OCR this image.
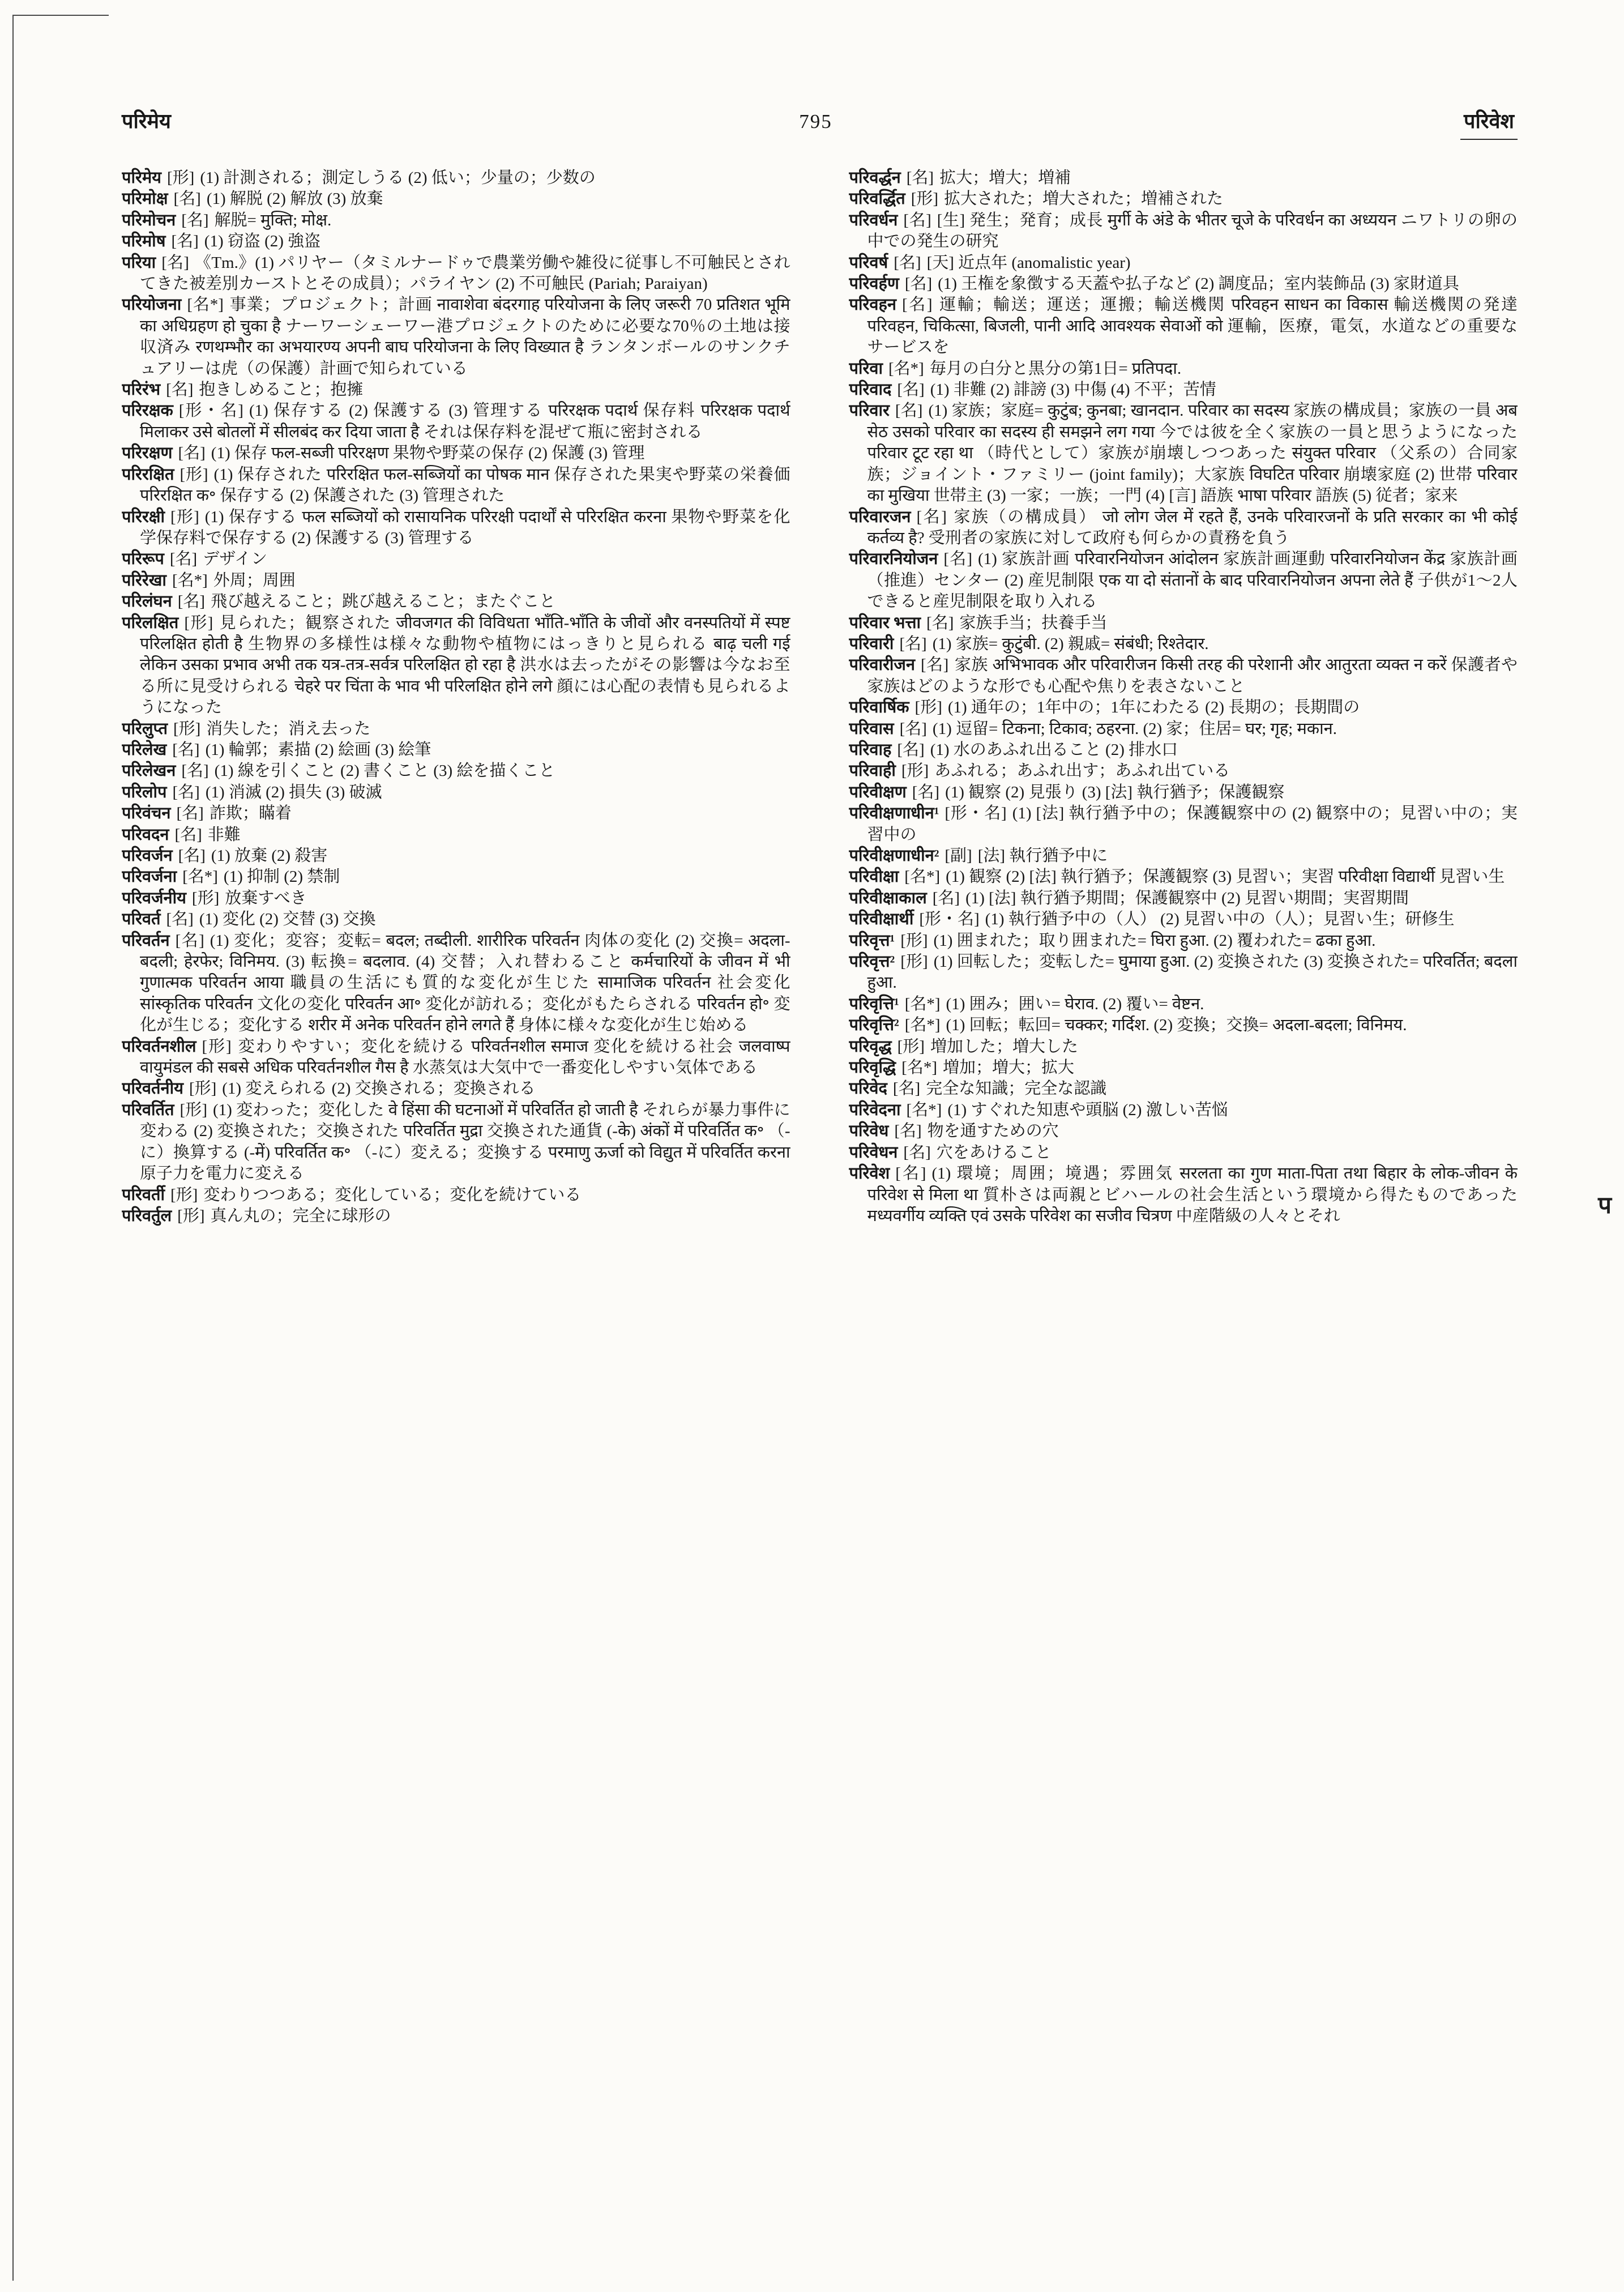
परिमेय	795	परिवेश

परिमेय [形] (1) 計測される；測定しうる (2) 低い；少量の；少数の

परिमोक्ष [名] (1) 解脱 (2) 解放 (3) 放棄

परिमोचन [名] 解脱= मुक्ति; मोक्ष.

परिमोष [名] (1) 窃盗 (2) 強盗

परिया [名] 《Tm.》(1) パリヤー（タミルナードゥで農業労働や雑役に従事し不可触民とされてきた被差別カーストとその成員）；パライヤン (2) 不可触民 (Pariah; Paraiyan)

परियोजना [名*] 事業；プロジェクト；計画 नावाशेवा बंदरगाह परियोजना के लिए जरूरी 70 प्रतिशत भूमि का अधिग्रहण हो चुका है ナーワーシェーワー港プロジェクトのために必要な70％の土地は接収済み रणथम्भौर का अभयारण्य अपनी बाघ परियोजना के लिए विख्यात है ランタンボールのサンクチュアリーは虎（の保護）計画で知られている

परिरंभ [名] 抱きしめること；抱擁

परिरक्षक [形・名] (1) 保存する (2) 保護する (3) 管理する परिरक्षक पदार्थ 保存料 परिरक्षक पदार्थ मिलाकर उसे बोतलों में सीलबंद कर दिया जाता है それは保存料を混ぜて瓶に密封される

परिरक्षण [名] (1) 保存 फल-सब्जी परिरक्षण 果物や野菜の保存 (2) 保護 (3) 管理

परिरक्षित [形] (1) 保存された परिरक्षित फल-सब्जियों का पोषक मान 保存された果実や野菜の栄養価 परिरक्षित क॰ 保存する (2) 保護された (3) 管理された

परिरक्षी [形] (1) 保存する फल सब्जियों को रासायनिक परिरक्षी पदार्थों से परिरक्षित करना 果物や野菜を化学保存料で保存する (2) 保護する (3) 管理する

परिरूप [名] デザイン

परिरेखा [名*] 外周；周囲

परिलंघन [名] 飛び越えること；跳び越えること；またぐこと

परिलक्षित [形] 見られた；観察された जीवजगत की विविधता भाँति-भाँति के जीवों और वनस्पतियों में स्पष्ट परिलक्षित होती है 生物界の多様性は様々な動物や植物にはっきりと見られる बाढ़ चली गई लेकिन उसका प्रभाव अभी तक यत्र-तत्र-सर्वत्र परिलक्षित हो रहा है 洪水は去ったがその影響は今なお至る所に見受けられる चेहरे पर चिंता के भाव भी परिलक्षित होने लगे 顔には心配の表情も見られるようになった

परिलुप्त [形] 消失した；消え去った

परिलेख [名] (1) 輪郭；素描 (2) 絵画 (3) 絵筆

परिलेखन [名] (1) 線を引くこと (2) 書くこと (3) 絵を描くこと

परिलोप [名] (1) 消滅 (2) 損失 (3) 破滅

परिवंचन [名] 詐欺；瞞着

परिवदन [名] 非難

परिवर्जन [名] (1) 放棄 (2) 殺害

परिवर्जना [名*] (1) 抑制 (2) 禁制

परिवर्जनीय [形] 放棄すべき

परिवर्त [名] (1) 変化 (2) 交替 (3) 交換

परिवर्तन [名] (1) 変化；変容；変転= बदल; तब्दीली. शारीरिक परिवर्तन 肉体の変化 (2) 交換= अदला-बदली; हेरफेर; विनिमय. (3) 転換= बदलाव. (4) 交替；入れ替わること कर्मचारियों के जीवन में भी गुणात्मक परिवर्तन आया 職員の生活にも質的な変化が生じた सामाजिक परिवर्तन 社会変化 सांस्कृतिक परिवर्तन 文化の変化 परिवर्तन आ॰ 変化が訪れる；変化がもたらされる परिवर्तन हो॰ 変化が生じる；変化する शरीर में अनेक परिवर्तन होने लगते हैं 身体に様々な変化が生じ始める

परिवर्तनशील [形] 変わりやすい；変化を続ける परिवर्तनशील समाज 変化を続ける社会 जलवाष्प वायुमंडल की सबसे अधिक परिवर्तनशील गैस है 水蒸気は大気中で一番変化しやすい気体である

परिवर्तनीय [形] (1) 変えられる (2) 交換される；変換される

परिवर्तित [形] (1) 変わった；変化した वे हिंसा की घटनाओं में परिवर्तित हो जाती है それらが暴力事件に変わる (2) 変換された；交換された परिवर्तित मुद्रा 交換された通貨 (-के) अंकों में परिवर्तित क॰ （-に）換算する (-में) परिवर्तित क॰ （-に）変える；変換する परमाणु ऊर्जा को विद्युत में परिवर्तित करना 原子力を電力に変える

परिवर्ती [形] 変わりつつある；変化している；変化を続けている

परिवर्तुल [形] 真ん丸の；完全に球形の

परिवर्द्धन [名] 拡大；増大；増補

परिवर्द्धित [形] 拡大された；増大された；増補された

परिवर्धन [名] [生] 発生；発育；成長 मुर्गी के अंडे के भीतर चूजे के परिवर्धन का अध्ययन ニワトリの卵の中での発生の研究

परिवर्ष [名] [天] 近点年 (anomalistic year)

परिवर्हण [名] (1) 王権を象徴する天蓋や払子など (2) 調度品；室内装飾品 (3) 家財道具

परिवहन [名] 運輸；輸送；運送；運搬；輸送機関 परिवहन साधन का विकास 輸送機関の発達 परिवहन, चिकित्सा, बिजली, पानी आदि आवश्यक सेवाओं को 運輸，医療，電気，水道などの重要なサービスを

परिवा [名*] 毎月の白分と黒分の第1日= प्रतिपदा.

परिवाद [名] (1) 非難 (2) 誹謗 (3) 中傷 (4) 不平；苦情

परिवार [名] (1) 家族；家庭= कुटुंब; कुनबा; खानदान. परिवार का सदस्य 家族の構成員；家族の一員 अब सेठ उसको परिवार का सदस्य ही समझने लग गया 今では彼を全く家族の一員と思うようになった परिवार टूट रहा था （時代として）家族が崩壊しつつあった संयुक्त परिवार （父系の）合同家族；ジョイント・ファミリー (joint family)；大家族 विघटित परिवार 崩壊家庭 (2) 世帯 परिवार का मुखिया 世帯主 (3) 一家；一族；一門 (4) [言] 語族 भाषा परिवार 語族 (5) 従者；家来

परिवारजन [名] 家族（の構成員） जो लोग जेल में रहते हैं, उनके परिवारजनों के प्रति सरकार का भी कोई कर्तव्य है? 受刑者の家族に対して政府も何らかの責務を負う

परिवारनियोजन [名] (1) 家族計画 परिवारनियोजन आंदोलन 家族計画運動 परिवारनियोजन केंद्र 家族計画（推進）センター (2) 産児制限 एक या दो संतानों के बाद परिवारनियोजन अपना लेते हैं 子供が1〜2人できると産児制限を取り入れる

परिवार भत्ता [名] 家族手当；扶養手当

परिवारी [名] (1) 家族= कुटुंबी. (2) 親戚= संबंधी; रिश्तेदार.

परिवारीजन [名] 家族 अभिभावक और परिवारीजन किसी तरह की परेशानी और आतुरता व्यक्त न करें 保護者や家族はどのような形でも心配や焦りを表さないこと

परिवार्षिक [形] (1) 通年の；1年中の；1年にわたる (2) 長期の；長期間の

परिवास [名] (1) 逗留= टिकना; टिकाव; ठहरना. (2) 家；住居= घर; गृह; मकान.

परिवाह [名] (1) 水のあふれ出ること (2) 排水口

परिवाही [形] あふれる；あふれ出す；あふれ出ている

परिवीक्षण [名] (1) 観察 (2) 見張り (3) [法] 執行猶予；保護観察

परिवीक्षणाधीन¹ [形・名] (1) [法] 執行猶予中の；保護観察中の (2) 観察中の；見習い中の；実習中の

परिवीक्षणाधीन² [副] [法] 執行猶予中に

परिवीक्षा [名*] (1) 観察 (2) [法] 執行猶予；保護観察 (3) 見習い；実習 परिवीक्षा विद्यार्थी 見習い生

परिवीक्षाकाल [名] (1) [法] 執行猶予期間；保護観察中 (2) 見習い期間；実習期間

परिवीक्षार्थी [形・名] (1) 執行猶予中の（人） (2) 見習い中の（人）；見習い生；研修生

परिवृत्त¹ [形] (1) 囲まれた；取り囲まれた= घिरा हुआ. (2) 覆われた= ढका हुआ.

परिवृत्त² [形] (1) 回転した；変転した= घुमाया हुआ. (2) 変換された (3) 変換された= परिवर्तित; बदला हुआ.

परिवृत्ति¹ [名*] (1) 囲み；囲い= घेराव. (2) 覆い= वेष्टन.

परिवृत्ति² [名*] (1) 回転；転回= चक्कर; गर्दिश. (2) 変換；交換= अदला-बदला; विनिमय.

परिवृद्ध [形] 増加した；増大した

परिवृद्धि [名*] 増加；増大；拡大

परिवेद [名] 完全な知識；完全な認識

परिवेदना [名*] (1) すぐれた知恵や頭脳 (2) 激しい苦悩

परिवेध [名] 物を通すための穴

परिवेधन [名] 穴をあけること

परिवेश [名] (1) 環境；周囲；境遇；雰囲気 सरलता का गुण माता-पिता तथा बिहार के लोक-जीवन के परिवेश से मिला था 質朴さは両親とビハールの社会生活という環境から得たものであった मध्यवर्गीय व्यक्ति एवं उसके परिवेश का सजीव चित्रण 中産階級の人々とそれ	प
